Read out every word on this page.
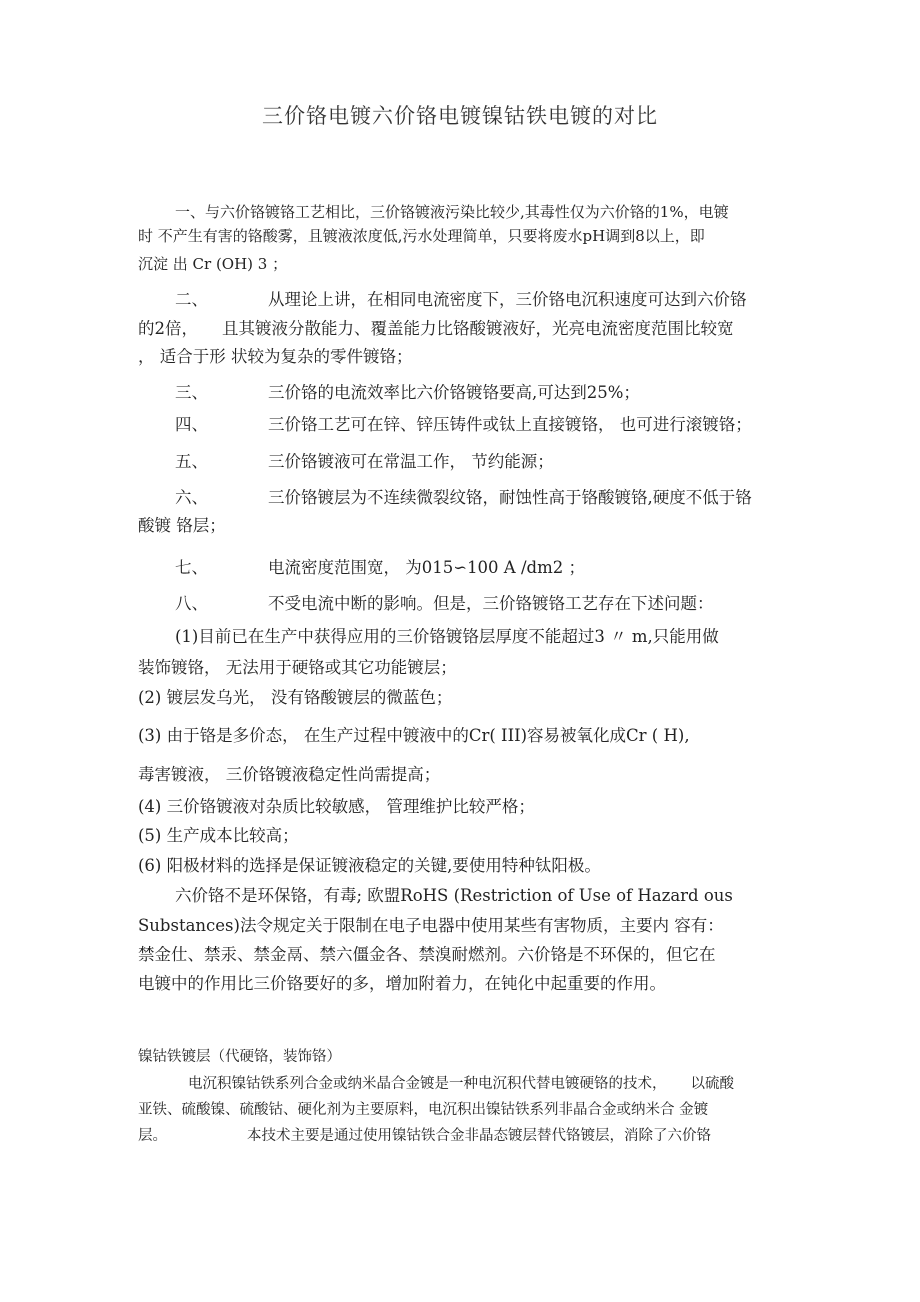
三价铬电镀六价铬电镀镍钴铁电镀的对比
一、与六价铬镀铬工艺相比，三价铬镀液污染比较少,其毒性仅为六价铬的1%，电镀
时 不产生有害的铬酸雾，且镀液浓度低,污水处理简单，只要将废水pH调到8以上，即
沉淀 出 Cr (OH) 3 ；
二、	从理论上讲，在相同电流密度下，三价铬电沉积速度可达到六价铬
的2倍， 且其镀液分散能力、覆盖能力比铬酸镀液好，光亮电流密度范围比较宽
， 适合于形 状较为复杂的零件镀铬；
三、	三价铬的电流效率比六价铬镀铬要高,可达到25%；
四、	三价铬工艺可在锌、锌压铸件或钛上直接镀铬， 也可进行滚镀铬；
五、	三价铬镀液可在常温工作， 节约能源；
六、	三价铬镀层为不连续微裂纹铬，耐蚀性高于铬酸镀铬,硬度不低于铬
酸镀 铬层；
七、	电流密度范围宽， 为015∽100 A /dm2 ；
八、	不受电流中断的影响。但是，三价铬镀铬工艺存在下述问题：
(1)目前已在生产中获得应用的三价铬镀铬层厚度不能超过3 〃 m,只能用做
装饰镀铬， 无法用于硬铬或其它功能镀层；
(2) 镀层发乌光， 没有铬酸镀层的微蓝色；
(3) 由于铬是多价态， 在生产过程中镀液中的Cr( III)容易被氧化成Cr ( H),
毒害镀液， 三价铬镀液稳定性尚需提高；
(4) 三价铬镀液对杂质比较敏感， 管理维护比较严格；
(5) 生产成本比较高；
(6) 阳极材料的选择是保证镀液稳定的关键,要使用特种钛阳极。
六价铬不是环保铬，有毒; 欧盟RoHS (Restriction of Use of Hazard ous
Substances)法令规定关于限制在电子电器中使用某些有害物质，主要内 容有：
禁金仕、禁汞、禁金鬲、禁六僵金各、禁溴耐燃剂。六价铬是不环保的，但它在
电镀中的作用比三价铬要好的多，增加附着力，在钝化中起重要的作用。
镍钴铁镀层（代硬铬，装饰铬）
电沉积镍钴铁系列合金或纳米晶合金镀是一种电沉积代替电镀硬铬的技术， 以硫酸
亚铁、硫酸镍、硫酸钴、硬化剂为主要原料，电沉积出镍钴铁系列非晶合金或纳米合 金镀
层。	本技术主要是通过使用镍钴铁合金非晶态镀层替代铬镀层，消除了六价铬
